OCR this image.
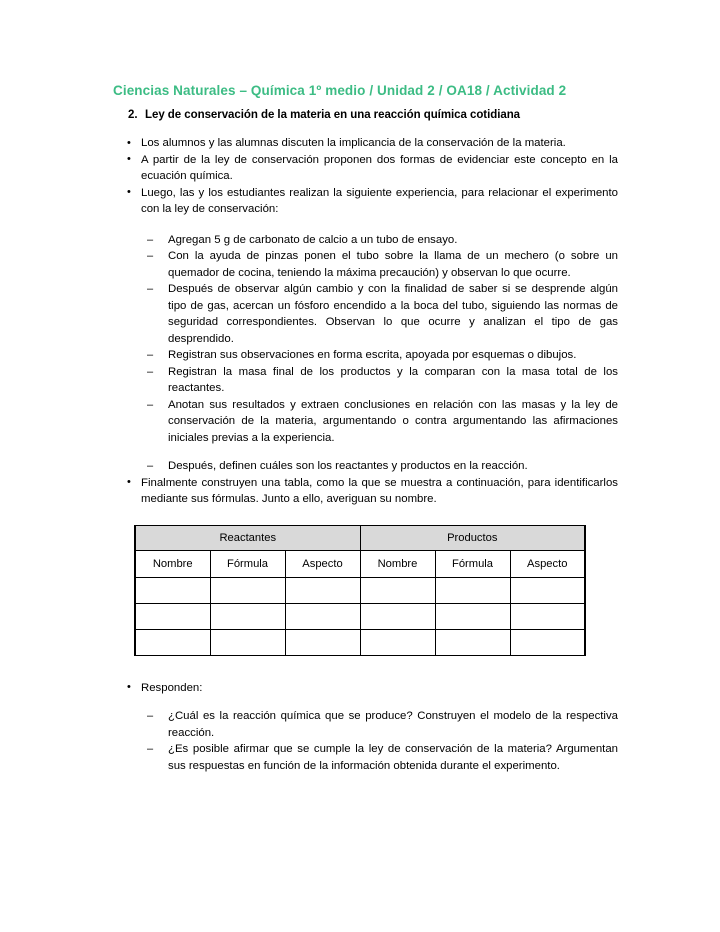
Ciencias Naturales – Química 1º medio / Unidad 2 / OA18 / Actividad 2
2. Ley de conservación de la materia en una reacción química cotidiana
• Los alumnos y las alumnas discuten la implicancia de la conservación de la materia.
• A partir de la ley de conservación proponen dos formas de evidenciar este concepto en la ecuación química.
• Luego, las y los estudiantes realizan la siguiente experiencia, para relacionar el experimento con la ley de conservación:
– Agregan 5 g de carbonato de calcio a un tubo de ensayo.
– Con la ayuda de pinzas ponen el tubo sobre la llama de un mechero (o sobre un quemador de cocina, teniendo la máxima precaución) y observan lo que ocurre.
– Después de observar algún cambio y con la finalidad de saber si se desprende algún tipo de gas, acercan un fósforo encendido a la boca del tubo, siguiendo las normas de seguridad correspondientes. Observan lo que ocurre y analizan el tipo de gas desprendido.
– Registran sus observaciones en forma escrita, apoyada por esquemas o dibujos.
– Registran la masa final de los productos y la comparan con la masa total de los reactantes.
– Anotan sus resultados y extraen conclusiones en relación con las masas y la ley de conservación de la materia, argumentando o contra argumentando las afirmaciones iniciales previas a la experiencia.
– Después, definen cuáles son los reactantes y productos en la reacción.
• Finalmente construyen una tabla, como la que se muestra a continuación, para identificarlos mediante sus fórmulas. Junto a ello, averiguan su nombre.
Reactantes			Productos		
Nombre	Fórmula	Aspecto	Nombre	Fórmula	Aspecto

• Responden:
– ¿Cuál es la reacción química que se produce? Construyen el modelo de la respectiva reacción.
– ¿Es posible afirmar que se cumple la ley de conservación de la materia? Argumentan sus respuestas en función de la información obtenida durante el experimento.
